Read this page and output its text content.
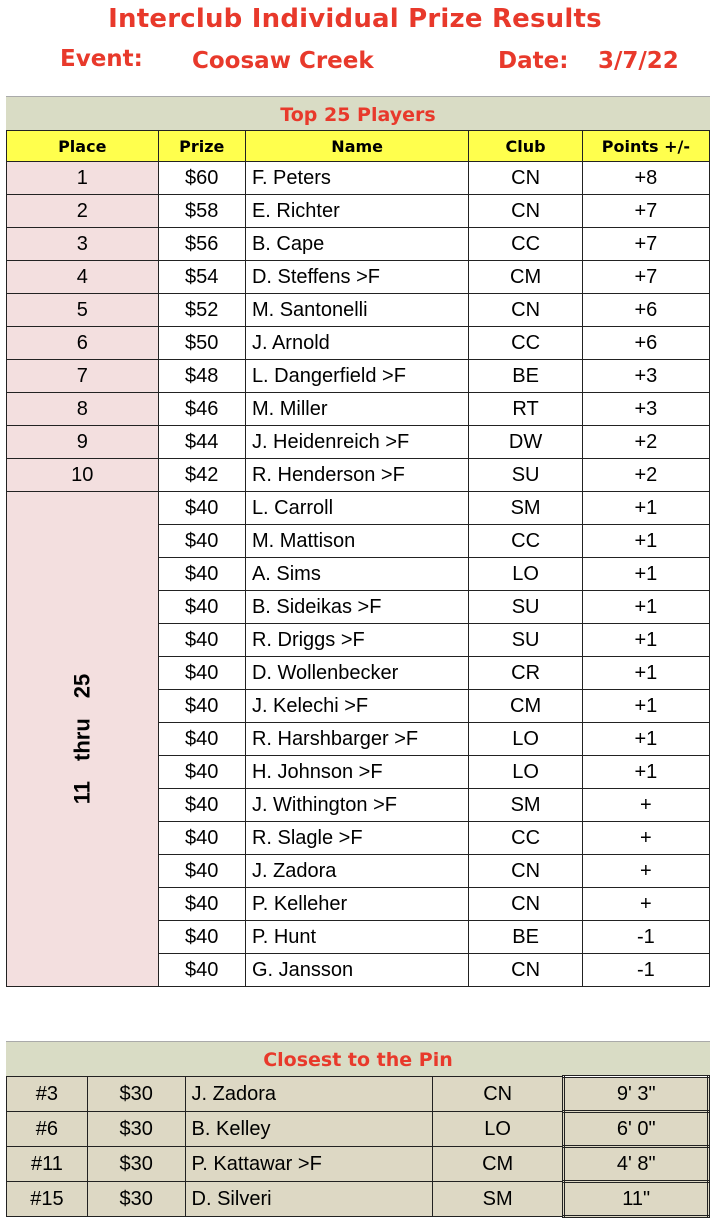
Interclub Individual Prize Results
Event: Coosaw Creek	Date: 3/7/22
Top 25 Players
Place	Prize	Name	Club	Points +/-
1	$60	F. Peters	CN	+8
2	$58	E. Richter	CN	+7
3	$56	B. Cape	CC	+7
4	$54	D. Steffens >F	CM	+7
5	$52	M. Santonelli	CN	+6
6	$50	J. Arnold	CC	+6
7	$48	L. Dangerfield >F	BE	+3
8	$46	M. Miller	RT	+3
9	$44	J. Heidenreich >F	DW	+2
10	$42	R. Henderson >F	SU	+2
11thru25	$40	L. Carroll	SM	+1
	$40	M. Mattison	CC	+1
	$40	A. Sims	LO	+1
	$40	B. Sideikas >F	SU	+1
	$40	R. Driggs >F	SU	+1
	$40	D. Wollenbecker	CR	+1
	$40	J. Kelechi >F	CM	+1
	$40	R. Harshbarger >F	LO	+1
	$40	H. Johnson >F	LO	+1
	$40	J. Withington >F	SM	+
	$40	R. Slagle >F	CC	+
	$40	J. Zadora	CN	+
	$40	P. Kelleher	CN	+
	$40	P. Hunt	BE	-1
	$40	G. Jansson	CN	-1
Closest to the Pin
#3	$30	J. Zadora	CN	9' 3"
#6	$30	B. Kelley	LO	6' 0"
#11	$30	P. Kattawar >F	CM	4' 8"
#15	$30	D. Silveri	SM	11"
